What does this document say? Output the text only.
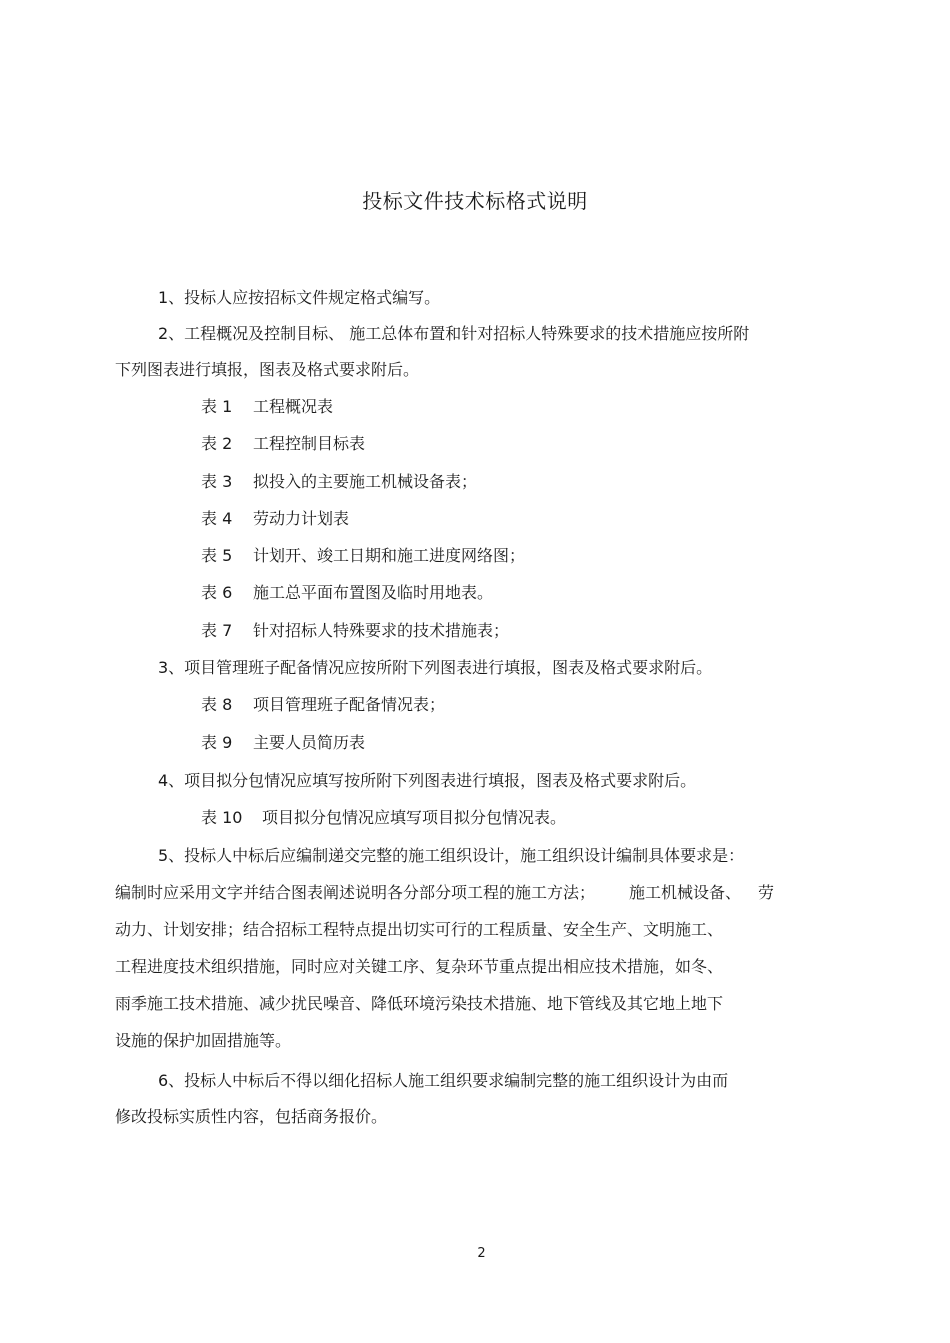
投标文件技术标格式说明
1、投标人应按招标文件规定格式编写。
2、工程概况及控制目标、 施工总体布置和针对招标人特殊要求的技术措施应按所附
下列图表进行填报，图表及格式要求附后。
表 1 工程概况表
表 2 工程控制目标表
表 3 拟投入的主要施工机械设备表；
表 4 劳动力计划表
表 5 计划开、竣工日期和施工进度网络图；
表 6 施工总平面布置图及临时用地表。
表 7 针对招标人特殊要求的技术措施表；
3、项目管理班子配备情况应按所附下列图表进行填报，图表及格式要求附后。
表 8 项目管理班子配备情况表；
表 9 主要人员简历表
4、项目拟分包情况应填写按所附下列图表进行填报，图表及格式要求附后。
表 10 项目拟分包情况应填写项目拟分包情况表。
5、投标人中标后应编制递交完整的施工组织设计，施工组织设计编制具体要求是：
编制时应采用文字并结合图表阐述说明各分部分项工程的施工方法； 施工机械设备、 劳
动力、计划安排；结合招标工程特点提出切实可行的工程质量、安全生产、文明施工、
工程进度技术组织措施，同时应对关键工序、复杂环节重点提出相应技术措施，如冬、
雨季施工技术措施、减少扰民噪音、降低环境污染技术措施、地下管线及其它地上地下
设施的保护加固措施等。
6、投标人中标后不得以细化招标人施工组织要求编制完整的施工组织设计为由而
修改投标实质性内容，包括商务报价。
2
